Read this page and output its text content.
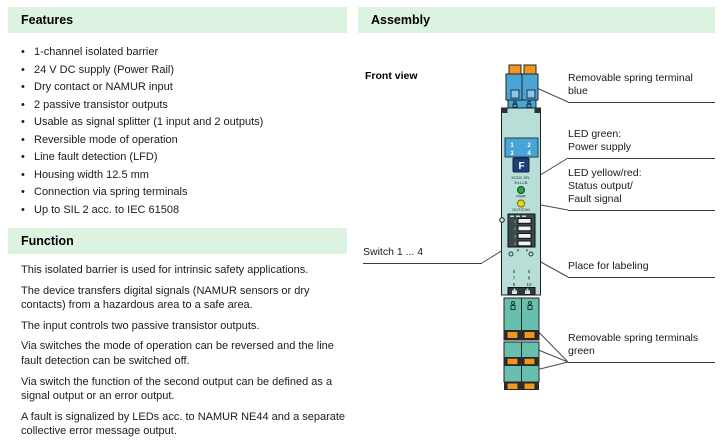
Features
• 1-channel isolated barrier
• 24 V DC supply (Power Rail)
• Dry contact or NAMUR input
• 2 passive transistor outputs
• Usable as signal splitter (1 input and 2 outputs)
• Reversible mode of operation
• Line fault detection (LFD)
• Housing width 12.5 mm
• Connection via spring terminals
• Up to SIL 2 acc. to IEC 61508
Function

This isolated barrier is used for intrinsic safety applications.

The device transfers digital signals (NAMUR sensors or dry contacts) from a hazardous area to a safe area.

The input controls two passive transistor outputs.

Via switches the mode of operation can be reversed and the line fault detection can be switched off.

Via switch the function of the second output can be defined as a signal output or an error output.

A fault is signalized by LEDs acc. to NAMUR NE44 and a separate collective error message output.

Assembly
Front view
1 2
3 4
F
KCD2-SR-
Ex1.LB
PWR
OUT/CHK
1
2
3
4
5	6
7	8
9 10
Removable spring terminal
blue
LED green:
Power supply
LED yellow/red:
Status output/
Fault signal
Place for labeling
Removable spring terminals
green
Switch 1 ... 4
